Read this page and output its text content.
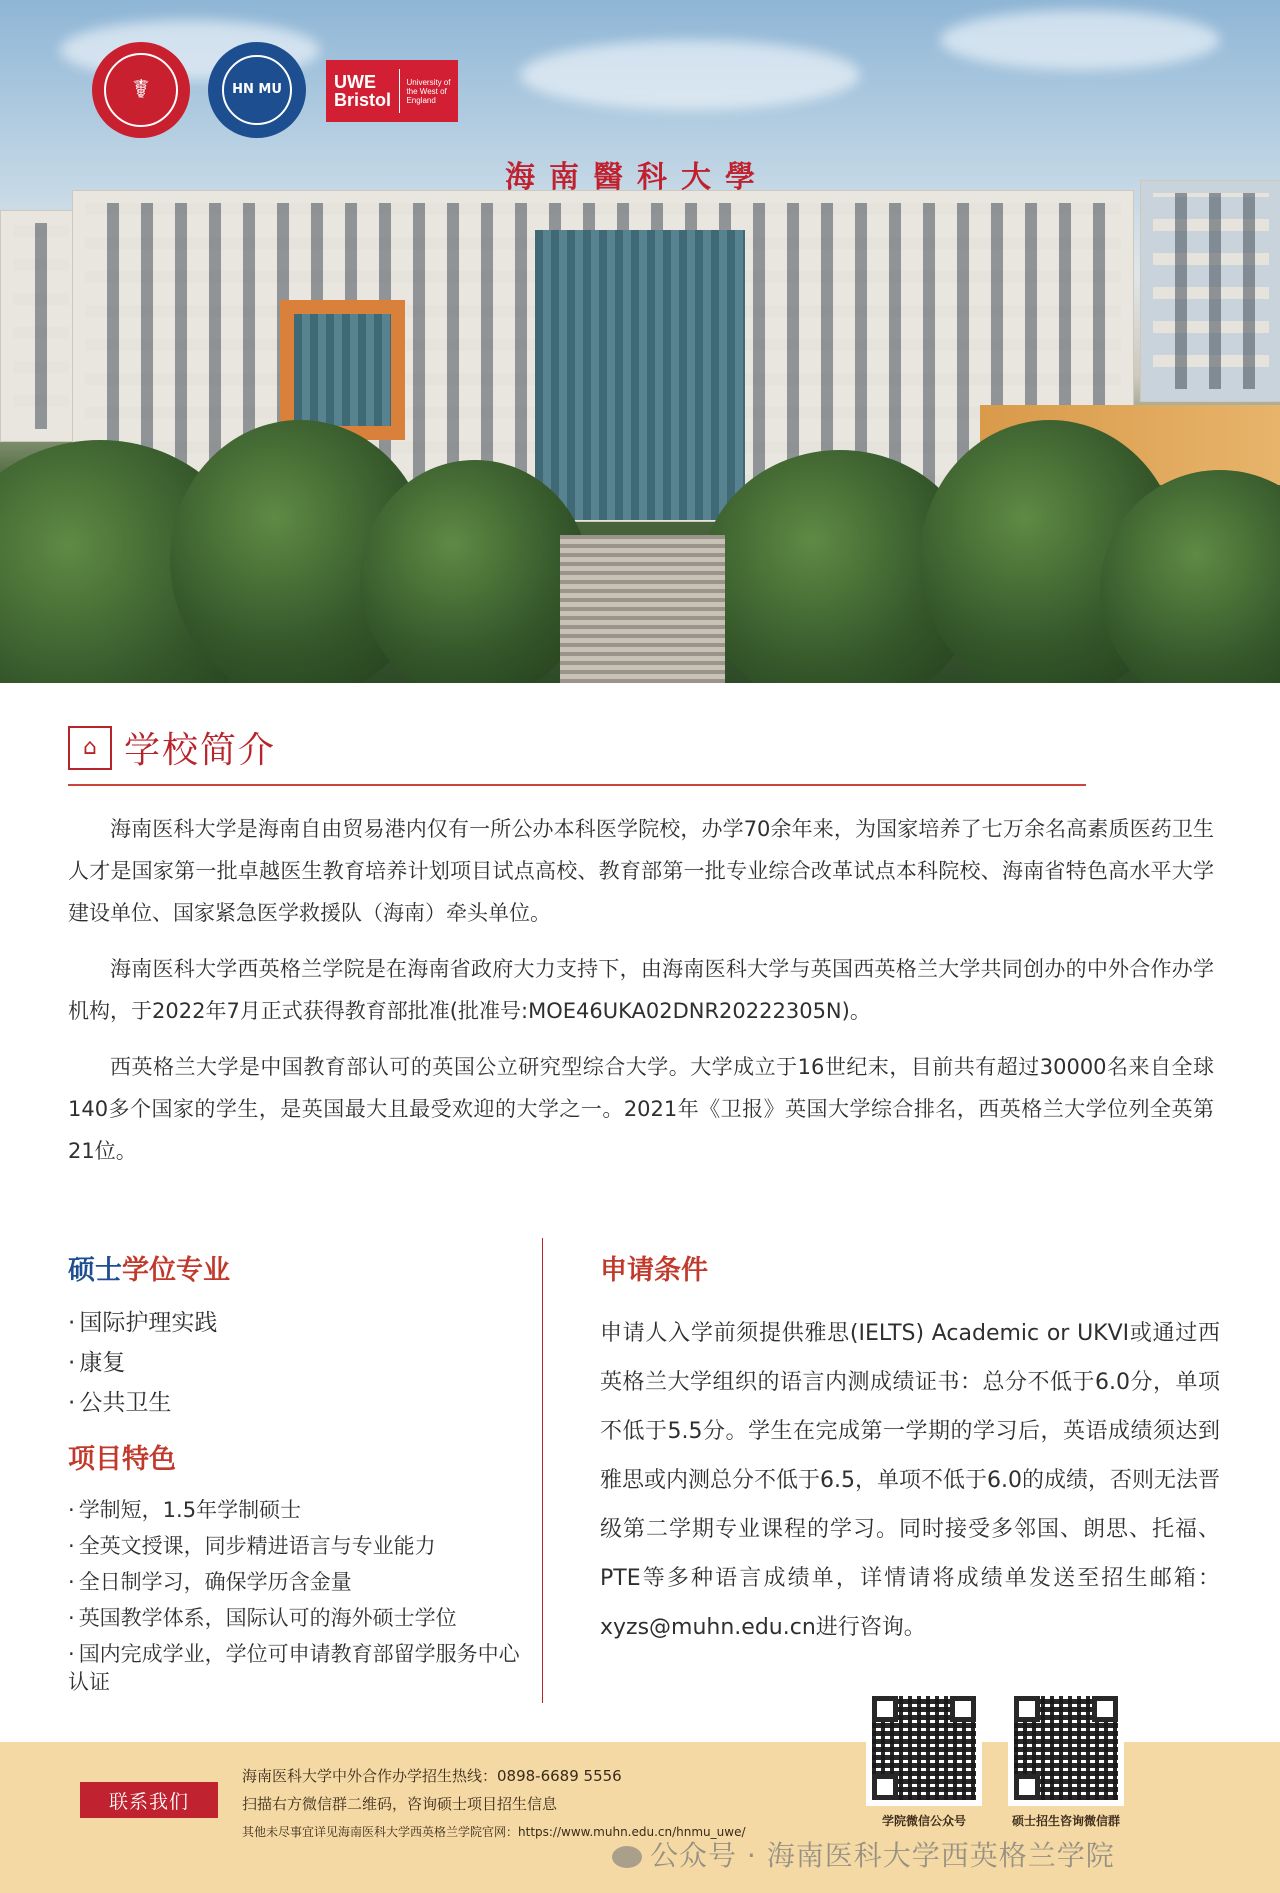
海南醫科大學
☤	HN MU	UWE Bristol
University of the West of England
⌂ 学校简介

海南医科大学是海南自由贸易港内仅有一所公办本科医学院校，办学70余年来，为国家培养了七万余名高素质医药卫生人才是国家第一批卓越医生教育培养计划项目试点高校、教育部第一批专业综合改革试点本科院校、海南省特色高水平大学建设单位、国家紧急医学救援队（海南）牵头单位。

海南医科大学西英格兰学院是在海南省政府大力支持下，由海南医科大学与英国西英格兰大学共同创办的中外合作办学机构，于2022年7月正式获得教育部批准(批准号:MOE46UKA02DNR20222305N)。

西英格兰大学是中国教育部认可的英国公立研究型综合大学。大学成立于16世纪末，目前共有超过30000名来自全球140多个国家的学生，是英国最大且最受欢迎的大学之一。2021年《卫报》英国大学综合排名，西英格兰大学位列全英第21位。

硕士学位专业
· 国际护理实践
· 康复
· 公共卫生
项目特色
· 学制短，1.5年学制硕士
· 全英文授课，同步精进语言与专业能力
· 全日制学习，确保学历含金量
· 英国教学体系，国际认可的海外硕士学位
· 国内完成学业，学位可申请教育部留学服务中心认证
申请条件

申请人入学前须提供雅思(IELTS) Academic or UKVI或通过西英格兰大学组织的语言内测成绩证书：总分不低于6.0分，单项不低于5.5分。学生在完成第一学期的学习后，英语成绩须达到雅思或内测总分不低于6.5，单项不低于6.0的成绩，否则无法晋级第二学期专业课程的学习。同时接受多邻国、朗思、托福、PTE等多种语言成绩单，详情请将成绩单发送至招生邮箱：xyzs@muhn.edu.cn进行咨询。

联系我们
海南医科大学中外合作办学招生热线：0898-6689 5556
扫描右方微信群二维码，咨询硕士项目招生信息
其他未尽事宜详见海南医科大学西英格兰学院官网：https://www.muhn.edu.cn/hnmu_uwe/
学院微信公众号	硕士招生咨询微信群
公众号 · 海南医科大学西英格兰学院
